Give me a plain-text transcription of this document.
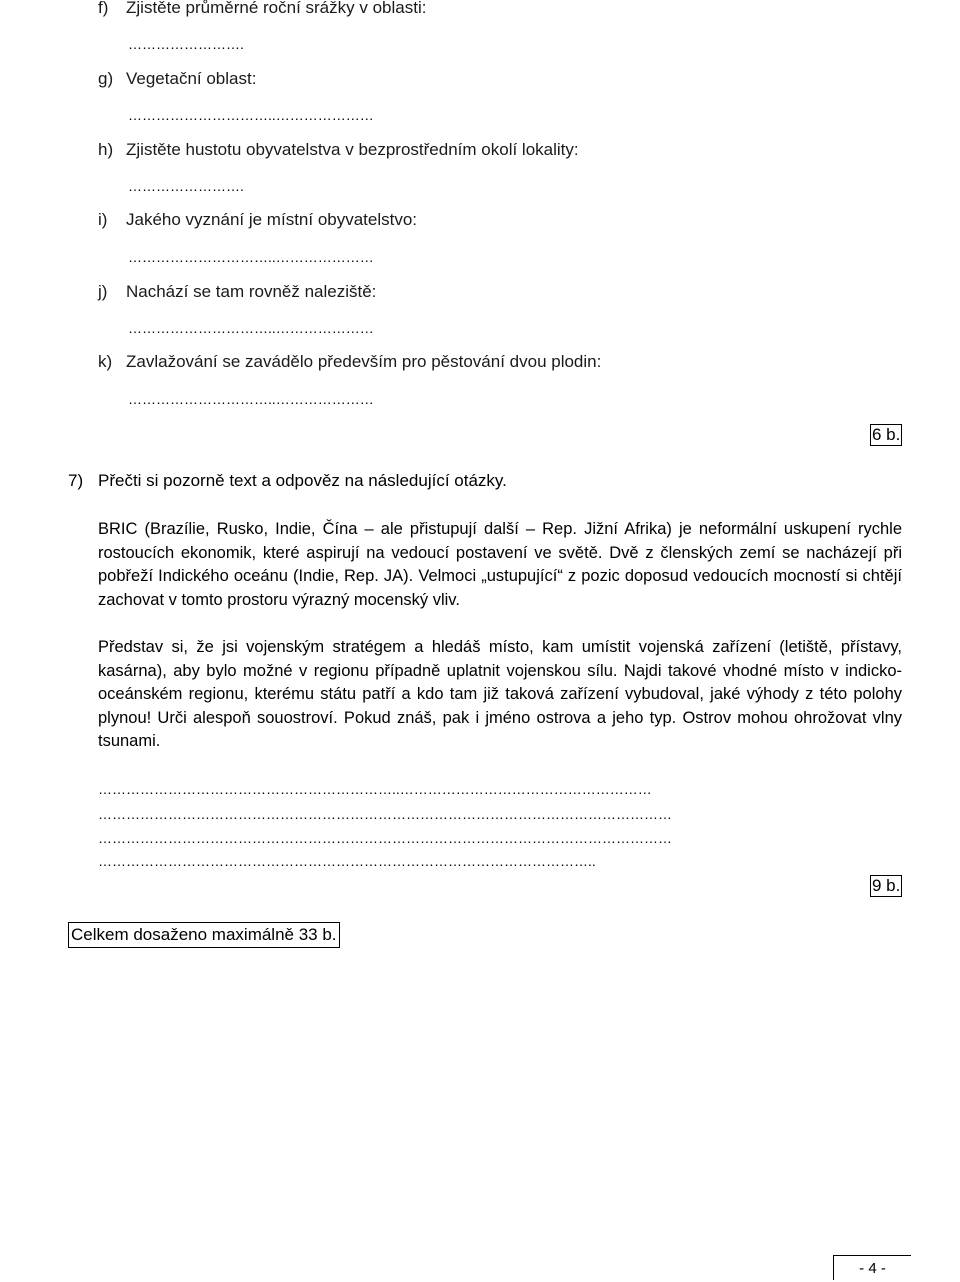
f) Zjistěte průměrné roční srážky v oblasti:
…………………….
g) Vegetační oblast:
…………………………..…………………
h) Zjistěte hustotu obyvatelstva v bezprostředním okolí lokality:
…………………….
i) Jakého vyznání je místní obyvatelstvo:
…………………………..…………………
j) Nachází se tam rovněž naleziště:
…………………………..…………………
k) Zavlažování se zavádělo především pro pěstování dvou plodin:
…………………………..…………………
6 b.
7) Přečti si pozorně text a odpověz na následující otázky.
BRIC (Brazílie, Rusko, Indie, Čína – ale přistupují další – Rep. Jižní Afrika) je neformální uskupení rychle rostoucích ekonomik, které aspirují na vedoucí postavení ve světě. Dvě z členských zemí se nacházejí při pobřeží Indického oceánu (Indie, Rep. JA). Velmoci „ustupující“ z pozic doposud vedoucích mocností si chtějí zachovat v tomto prostoru výrazný mocenský vliv.
Představ si, že jsi vojenským stratégem a hledáš místo, kam umístit vojenská zařízení (letiště, přístavy, kasárna), aby bylo možné v regionu případně uplatnit vojenskou sílu. Najdi takové vhodné místo v indicko-oceánském regionu, kterému státu patří a kdo tam již taková zařízení vybudoval, jaké výhody z této polohy plynou! Urči alespoň souostroví. Pokud znáš, pak i jméno ostrova a jeho typ. Ostrov mohou ohrožovat vlny tsunami.
………………………………………………………..………………………………………………
……………………………………………………………………………………………………………
……………………………………………………………………………………………………………
……………………………………………………………………………………………..
9 b.
Celkem dosaženo maximálně 33 b.
- 4 -
